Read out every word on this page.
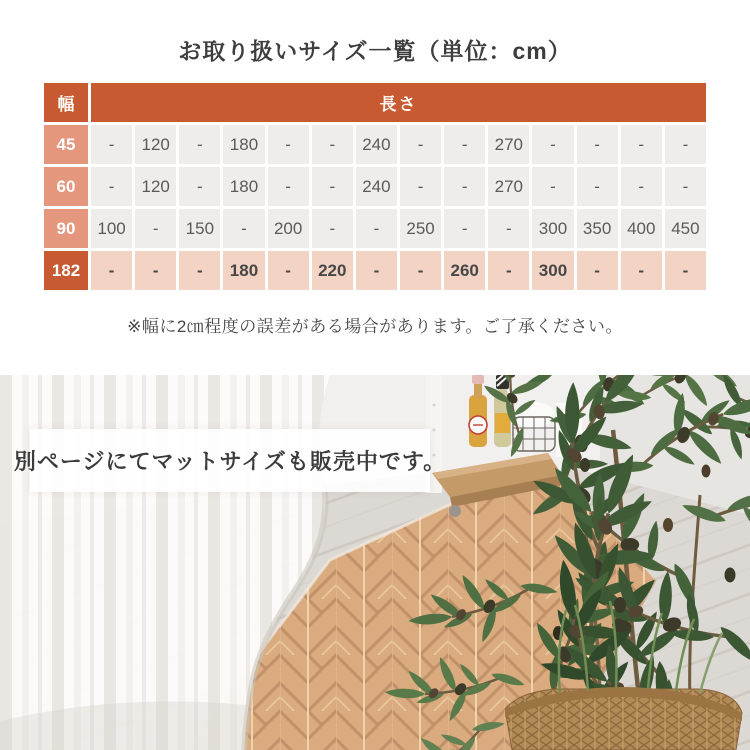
お取り扱いサイズ一覧（単位：cm）
幅	長さ													
45	-	120	-	180	-	-	240	-	-	270	-	-	-	-
60	-	120	-	180	-	-	240	-	-	270	-	-	-	-
90	100	-	150	-	200	-	-	250	-	-	300	350	400	450
182	-	-	-	180	-	220	-	-	260	-	300	-	-	-
※幅に2㎝程度の誤差がある場合があります。ご了承ください。
別ページにてマットサイズも販売中です。
